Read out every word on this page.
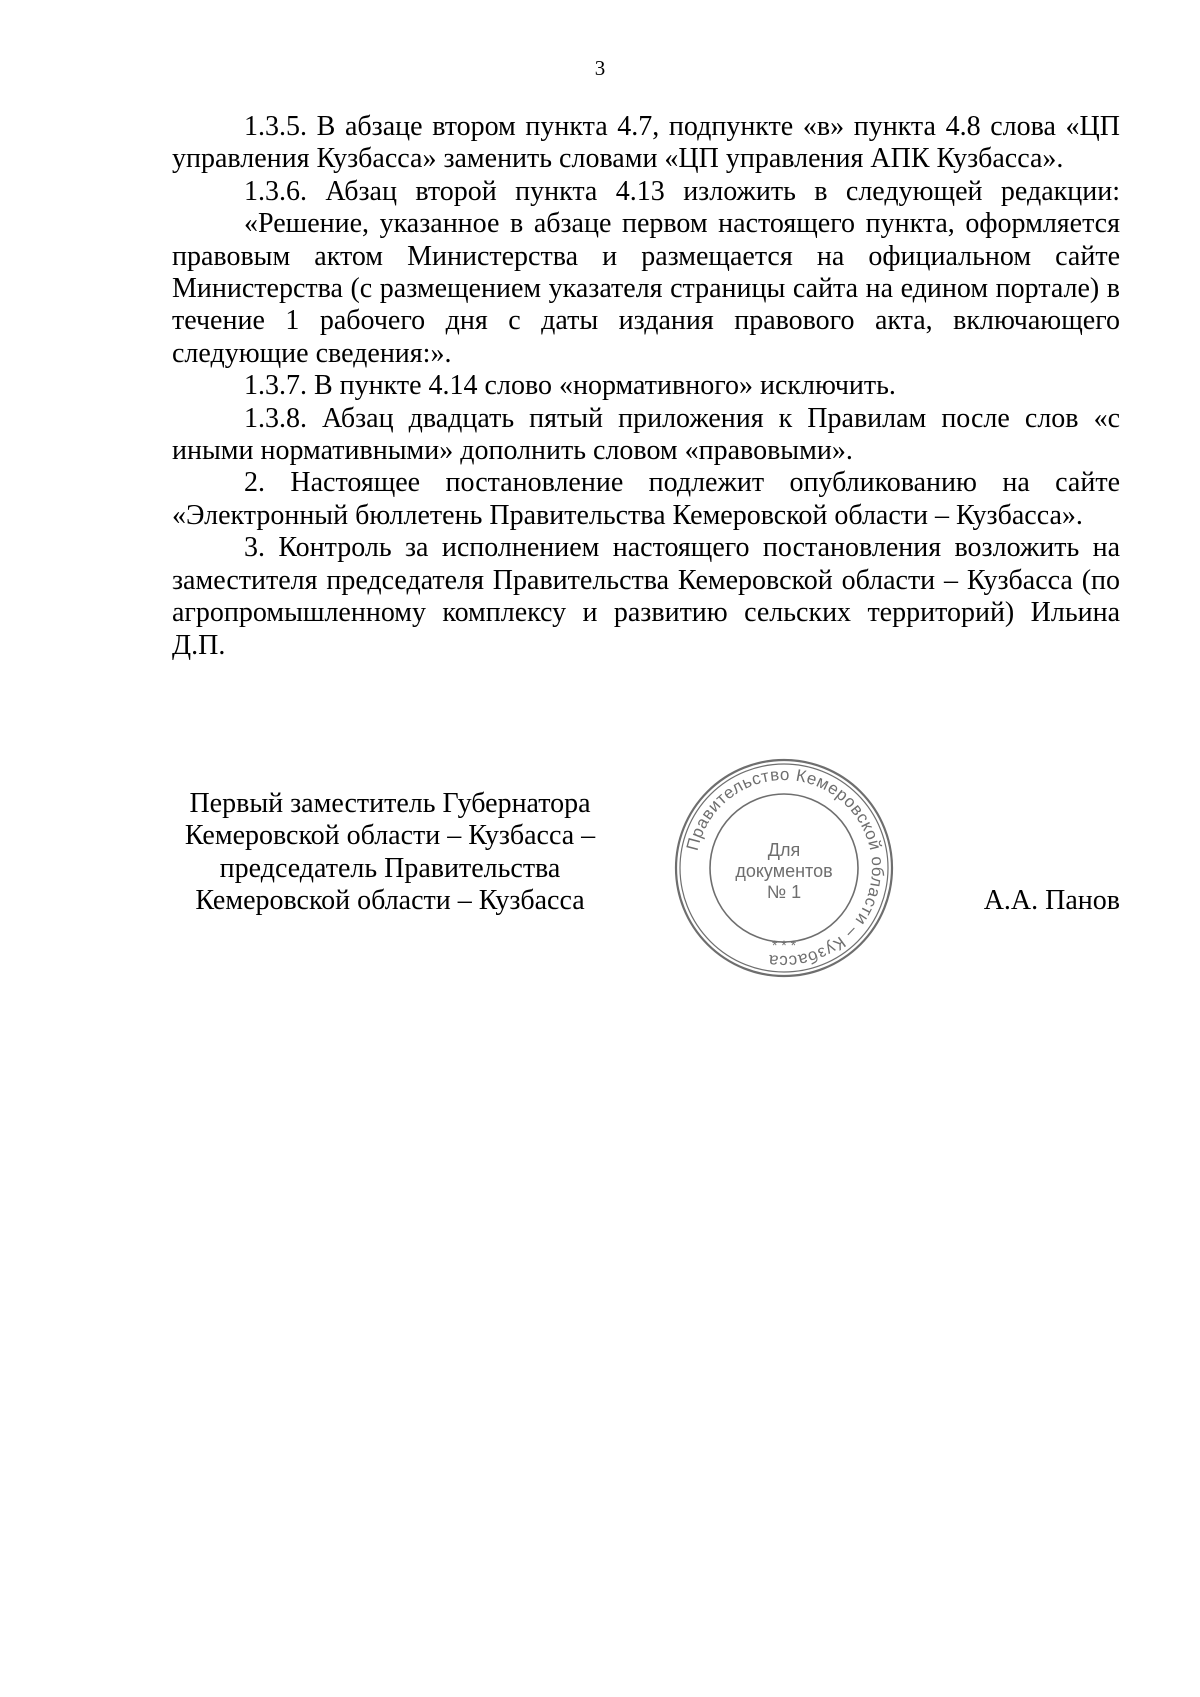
3

1.3.5. В абзаце втором пункта 4.7, подпункте «в» пункта 4.8 слова «ЦП управления Кузбасса» заменить словами «ЦП управления АПК Кузбасса».

1.3.6. Абзац второй пункта 4.13 изложить в следующей редакции:

«Решение, указанное в абзаце первом настоящего пункта, оформляется правовым актом Министерства и размещается на официальном сайте Министерства (с размещением указателя страницы сайта на едином портале) в течение 1 рабочего дня с даты издания правового акта, включающего следующие сведения:».

1.3.7. В пункте 4.14 слово «нормативного» исключить.

1.3.8. Абзац двадцать пятый приложения к Правилам после слов «с иными нормативными» дополнить словом «правовыми».

2. Настоящее постановление подлежит опубликованию на сайте «Электронный бюллетень Правительства Кемеровской области – Кузбасса».

3. Контроль за исполнением настоящего постановления возложить на заместителя председателя Правительства Кемеровской области – Кузбасса (по агропромышленному комплексу и развитию сельских территорий) Ильина Д.П.

Первый заместитель Губернатора
Кемеровской области – Кузбасса –
председатель Правительства
Кемеровской области – Кузбасса
Правительство Кемеровской области – Кузбасса
* * *
Для
документов
№ 1	А.А. Панов
